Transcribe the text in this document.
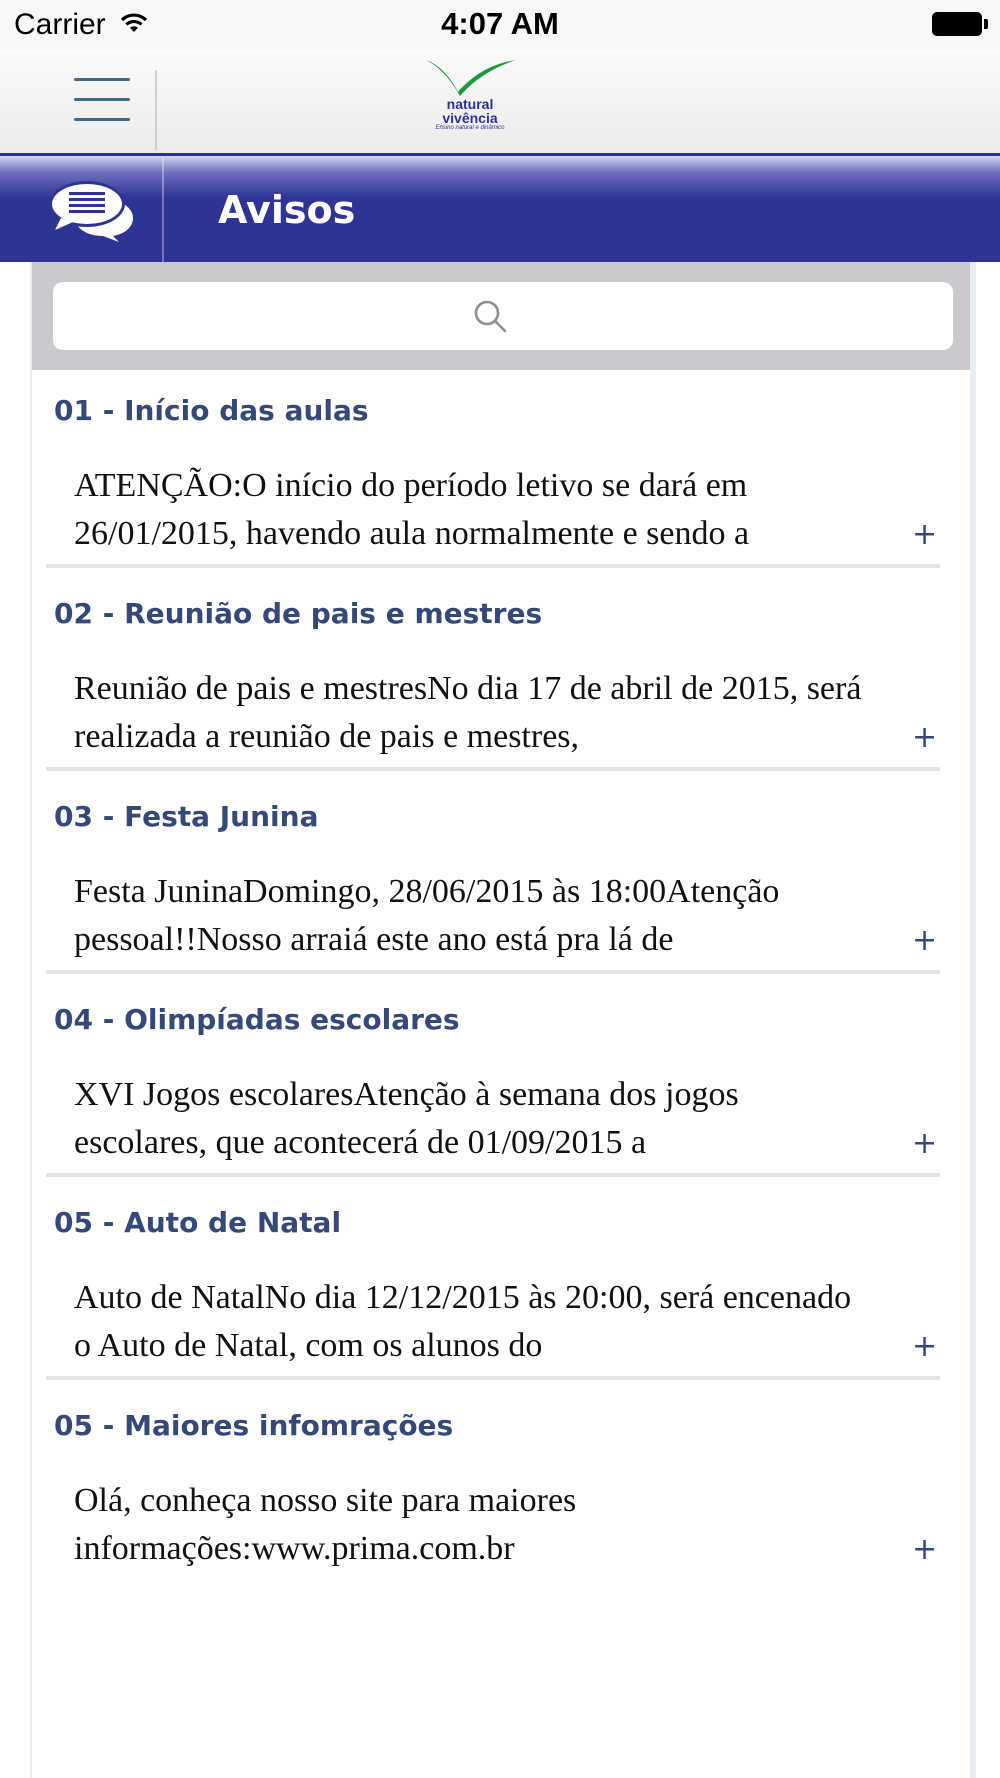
Carrier	4:07 AM
natural
vivência
Ensino natural e dinâmico
Avisos
01 - Início das aulas
ATENÇÃO:O início do período letivo se dará em 26/01/2015, havendo aula normalmente e sendo a	+
02 - Reunião de pais e mestres
Reunião de pais e mestresNo dia 17 de abril de 2015, será realizada a reunião de pais e mestres,	+
03 - Festa Junina
Festa JuninaDomingo, 28/06/2015 às 18:00Atenção pessoal!!Nosso arraiá este ano está pra lá de	+
04 - Olimpíadas escolares
XVI Jogos escolaresAtenção à semana dos jogos escolares, que acontecerá de 01/09/2015 a	+
05 - Auto de Natal
Auto de NatalNo dia 12/12/2015 às 20:00, será encenado o Auto de Natal, com os alunos do	+
05 - Maiores infomrações
Olá, conheça nosso site para maiores informações:www.prima.com.br	+
